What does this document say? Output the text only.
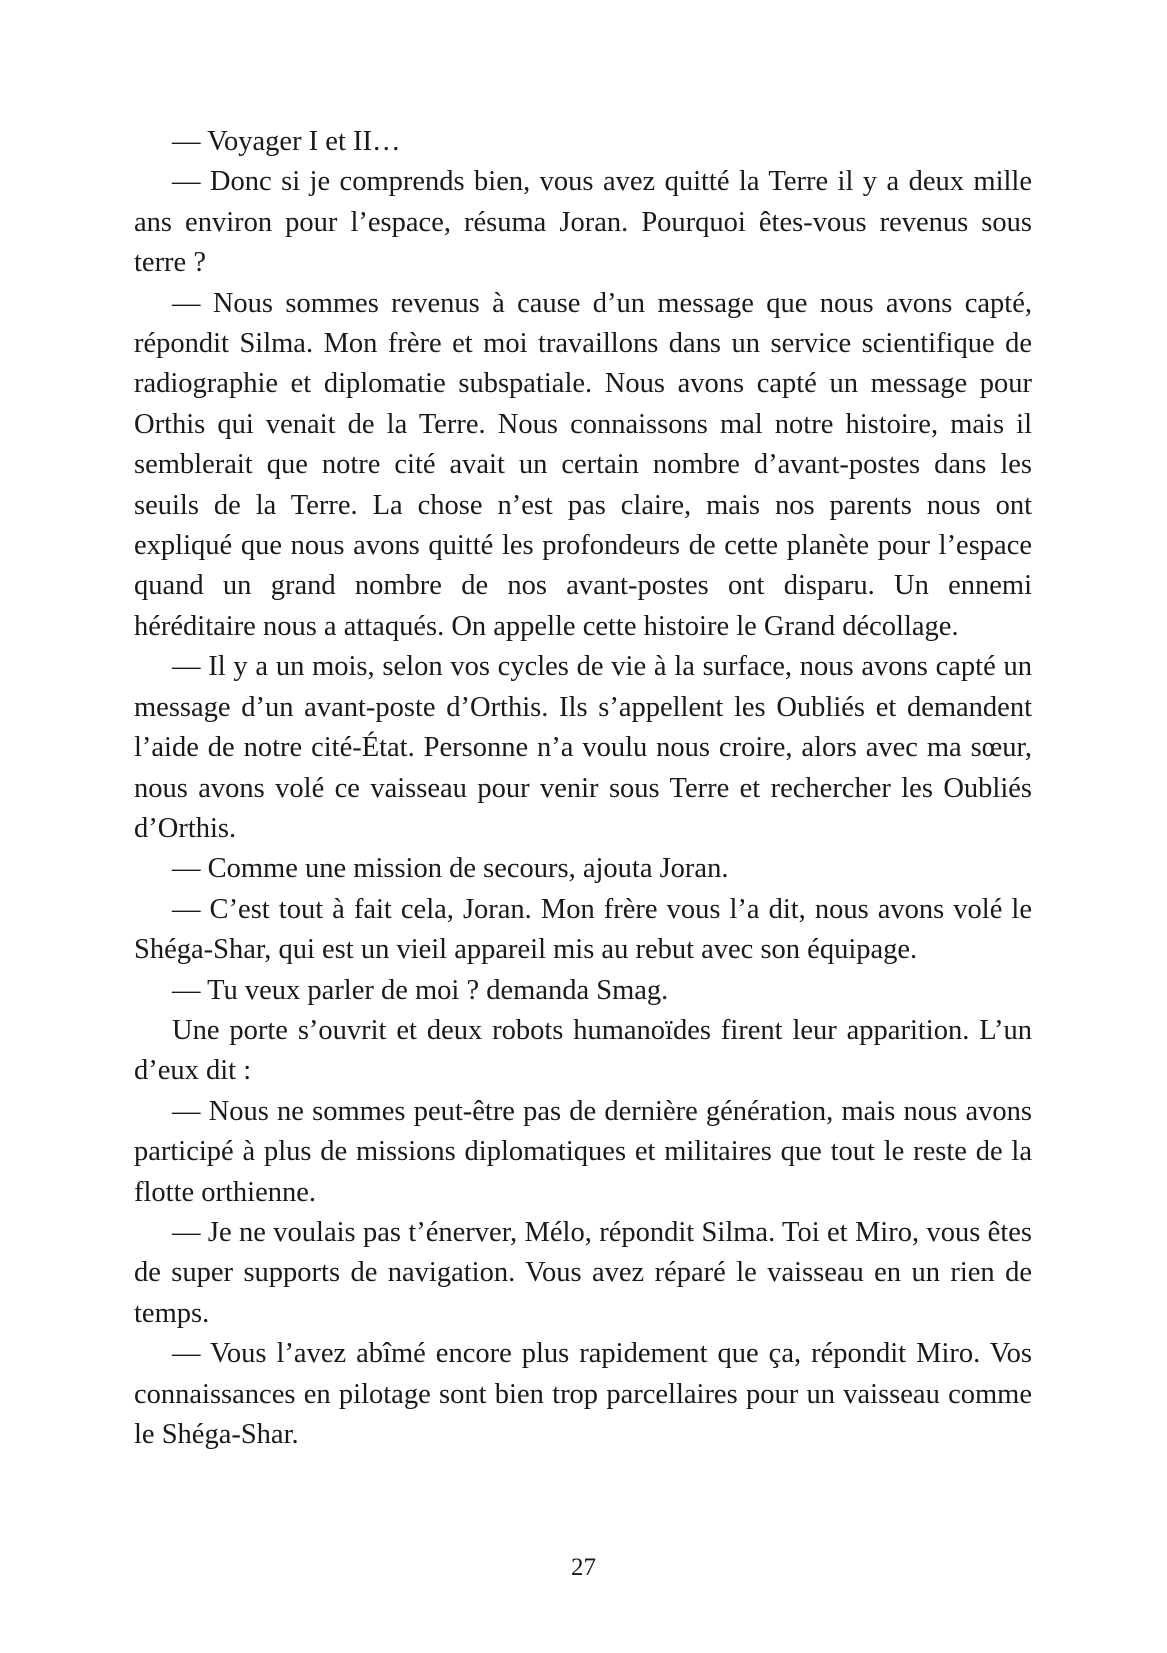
— Voyager I et II…

— Donc si je comprends bien, vous avez quitté la Terre il y a deux mille ans environ pour l’espace, résuma Joran. Pourquoi êtes-vous revenus sous terre ?

— Nous sommes revenus à cause d’un message que nous avons capté, répondit Silma. Mon frère et moi travaillons dans un service scientifique de radiographie et diplomatie subspatiale. Nous avons capté un message pour Orthis qui venait de la Terre. Nous connaissons mal notre histoire, mais il semblerait que notre cité avait un certain nombre d’avant-postes dans les seuils de la Terre. La chose n’est pas claire, mais nos parents nous ont expliqué que nous avons quitté les profondeurs de cette planète pour l’espace quand un grand nombre de nos avant-postes ont disparu. Un ennemi héréditaire nous a attaqués. On appelle cette histoire le Grand décollage.

— Il y a un mois, selon vos cycles de vie à la surface, nous avons capté un message d’un avant-poste d’Orthis. Ils s’appellent les Oubliés et demandent l’aide de notre cité-État. Personne n’a voulu nous croire, alors avec ma sœur, nous avons volé ce vaisseau pour venir sous Terre et rechercher les Oubliés d’Orthis.

— Comme une mission de secours, ajouta Joran.

— C’est tout à fait cela, Joran. Mon frère vous l’a dit, nous avons volé le Shéga-Shar, qui est un vieil appareil mis au rebut avec son équipage.

— Tu veux parler de moi ? demanda Smag.

Une porte s’ouvrit et deux robots humanoïdes firent leur apparition. L’un d’eux dit :

— Nous ne sommes peut-être pas de dernière génération, mais nous avons participé à plus de missions diplomatiques et militaires que tout le reste de la flotte orthienne.

— Je ne voulais pas t’énerver, Mélo, répondit Silma. Toi et Miro, vous êtes de super supports de navigation. Vous avez réparé le vaisseau en un rien de temps.

— Vous l’avez abîmé encore plus rapidement que ça, répondit Miro. Vos connaissances en pilotage sont bien trop parcellaires pour un vaisseau comme le Shéga-Shar.

27
